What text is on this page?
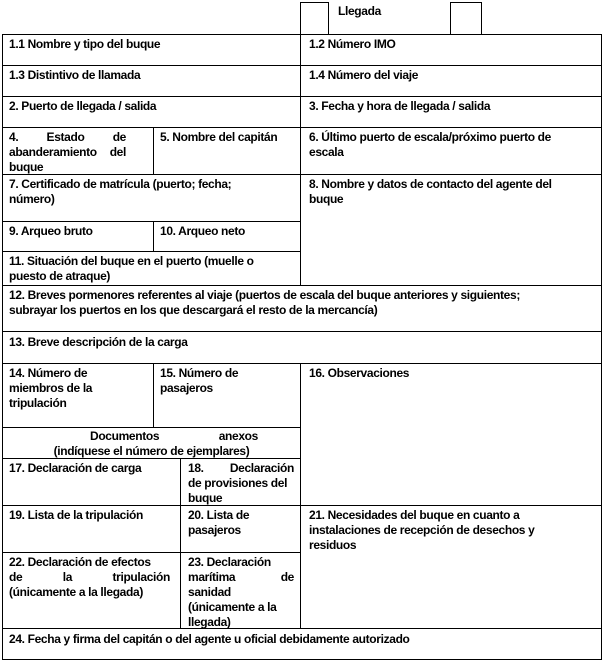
Llegada
1.1 Nombre y tipo del buque	1.2 Número IMO
1.3 Distintivo de llamada	1.4 Número del viaje
2. Puerto de llegada / salida	3. Fecha y hora de llegada / salida
4. Estado de
abanderamiento del
buque
5. Nombre del capitán	6. Último puerto de escala/próximo puerto de
escala
7. Certificado de matrícula (puerto; fecha;
número)
8. Nombre y datos de contacto del agente del
buque
9. Arqueo bruto	10. Arqueo neto
11. Situación del buque en el puerto (muelle o
puesto de atraque)
12. Breves pormenores referentes al viaje (puertos de escala del buque anteriores y siguientes;
subrayar los puertos en los que descargará el resto de la mercancía)
13. Breve descripción de la carga
14. Número de
miembros de la
tripulación
15. Número de
pasajeros
16. Observaciones
Documentos	anexos
(indíquese el número de ejemplares)
17. Declaración de carga	18. Declaración
de provisiones del
buque
19. Lista de la tripulación	20. Lista de
pasajeros
21. Necesidades del buque en cuanto a
instalaciones de recepción de desechos y
residuos
22. Declaración de efectos
de	la	tripulación
(únicamente a la llegada)
23. Declaración
marítima	de
sanidad
(únicamente a la
llegada)
24. Fecha y firma del capitán o del agente u oficial debidamente autorizado
